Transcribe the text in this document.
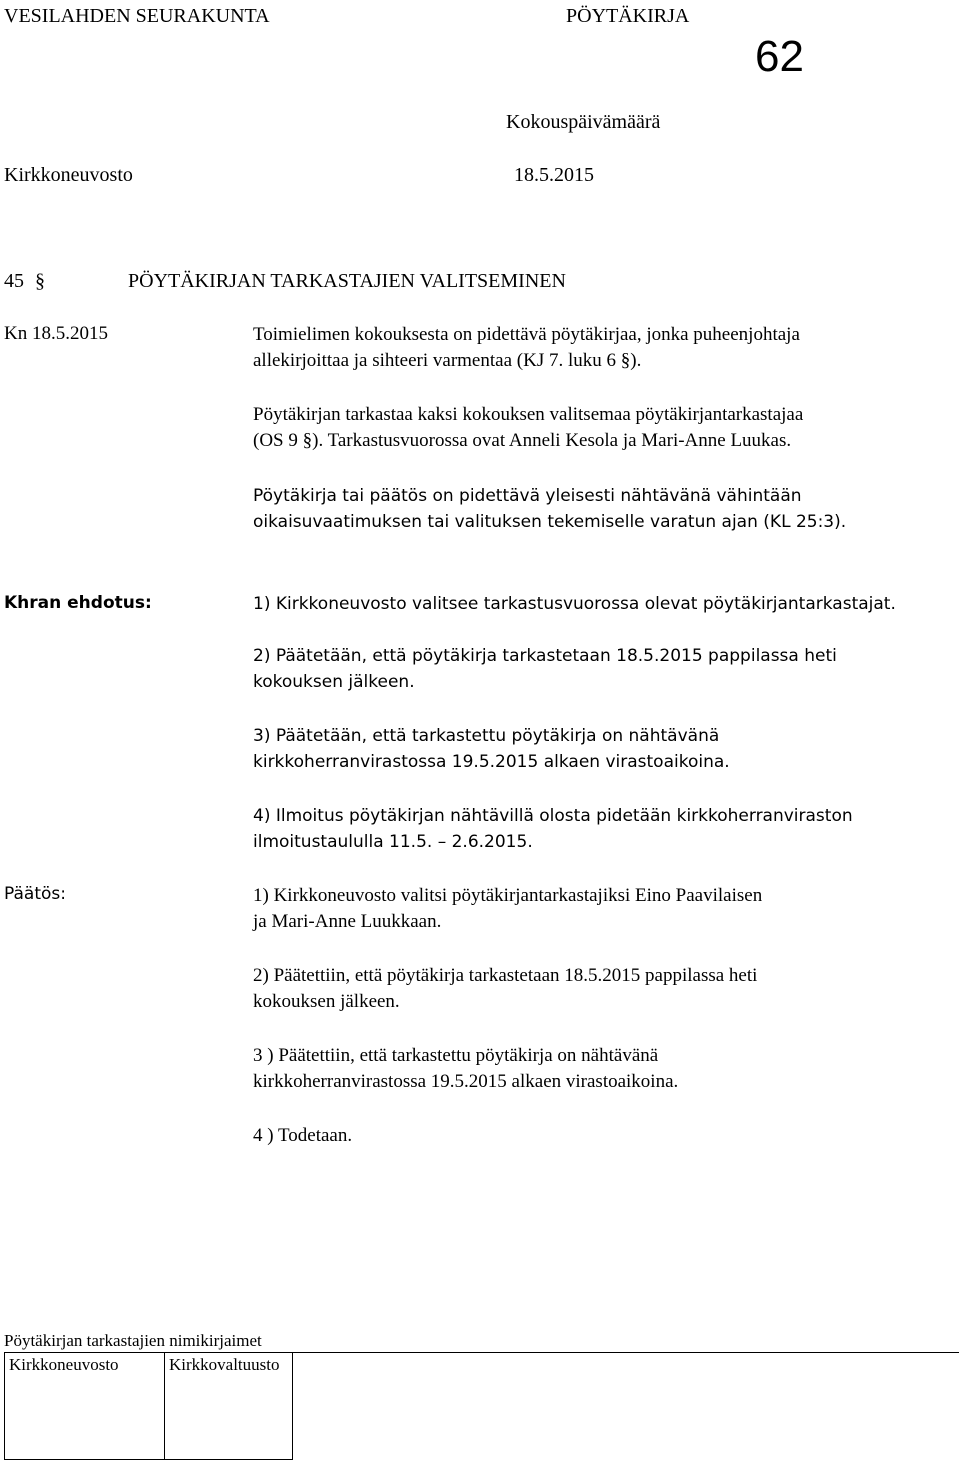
VESILAHDEN SEURAKUNTA	PÖYTÄKIRJA
62
Kokouspäivämäärä
Kirkkoneuvosto	18.5.2015
45 §	PÖYTÄKIRJAN TARKASTAJIEN VALITSEMINEN
Kn 18.5.2015	Toimielimen kokouksesta on pidettävä pöytäkirjaa, jonka puheenjohtaja
allekirjoittaa ja sihteeri varmentaa (KJ 7. luku 6 §).
Pöytäkirjan tarkastaa kaksi kokouksen valitsemaa pöytäkirjantarkastajaa
(OS 9 §). Tarkastusvuorossa ovat Anneli Kesola ja Mari-Anne Luukas.
Pöytäkirja tai päätös on pidettävä yleisesti nähtävänä vähintään
oikaisuvaatimuksen tai valituksen tekemiselle varatun ajan (KL 25:3).
Khran ehdotus:	1) Kirkkoneuvosto valitsee tarkastusvuorossa olevat pöytäkirjantarkastajat.
2) Päätetään, että pöytäkirja tarkastetaan 18.5.2015 pappilassa heti
kokouksen jälkeen.
3) Päätetään, että tarkastettu pöytäkirja on nähtävänä
kirkkoherranvirastossa 19.5.2015 alkaen virastoaikoina.
4) Ilmoitus pöytäkirjan nähtävillä olosta pidetään kirkkoherranviraston
ilmoitustaululla 11.5. – 2.6.2015.
Päätös:	1) Kirkkoneuvosto valitsi pöytäkirjantarkastajiksi Eino Paavilaisen
ja Mari-Anne Luukkaan.
2) Päätettiin, että pöytäkirja tarkastetaan 18.5.2015 pappilassa heti
kokouksen jälkeen.
3 ) Päätettiin, että tarkastettu pöytäkirja on nähtävänä
kirkkoherranvirastossa 19.5.2015 alkaen virastoaikoina.
4 ) Todetaan.
Pöytäkirjan tarkastajien nimikirjaimet
Kirkkoneuvosto	Kirkkovaltuusto
